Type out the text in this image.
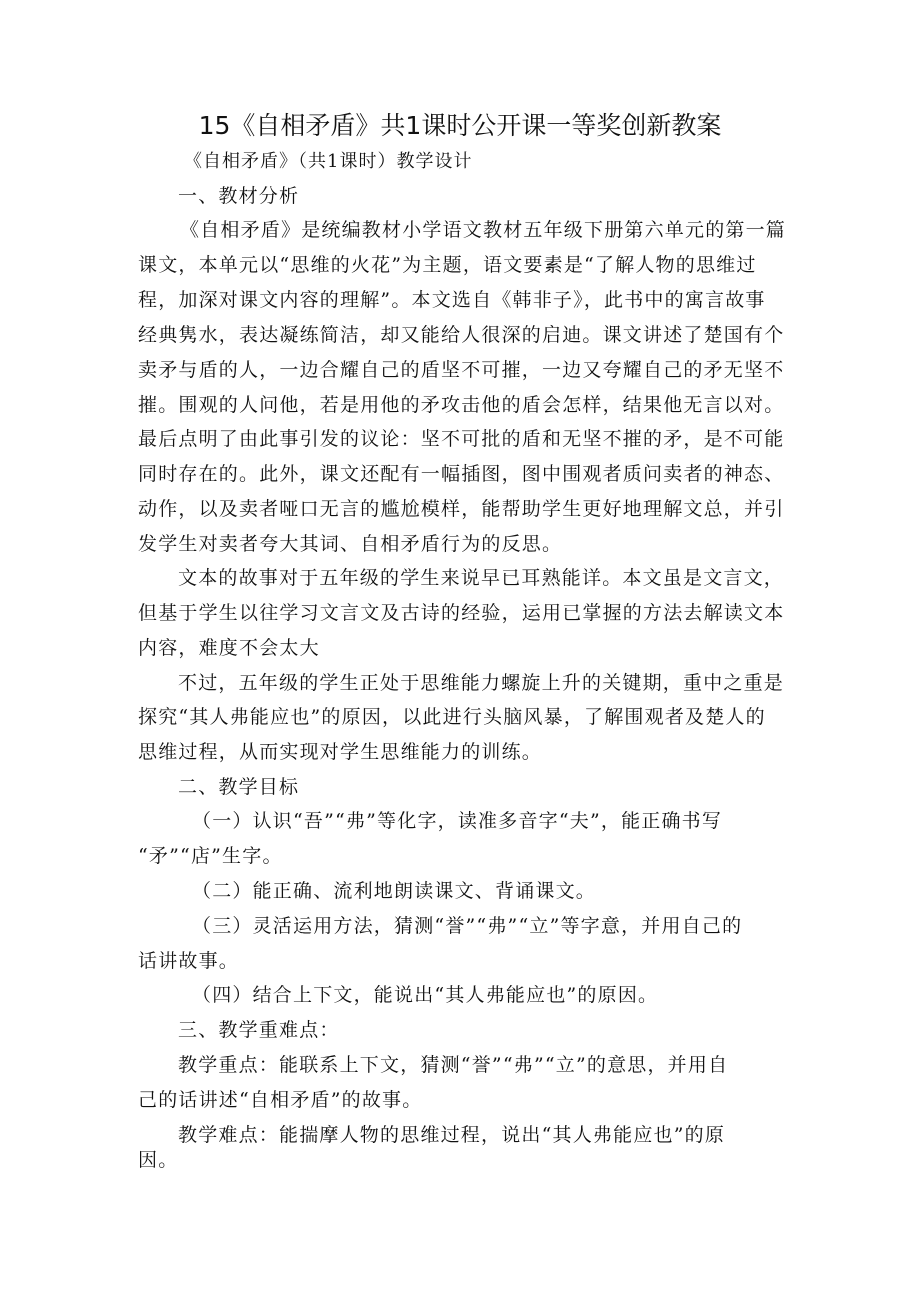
15《自相矛盾》共1课时公开课一等奖创新教案
《自相矛盾》（共1课时）教学设计
一、教材分析
《自相矛盾》是统编教材小学语文教材五年级下册第六单元的第一篇
课文，本单元以“思维的火花”为主题，语文要素是“了解人物的思维过
程，加深对课文内容的理解”。本文选自《韩非子》，此书中的寓言故事
经典隽水，表达凝练简洁，却又能给人很深的启迪。课文讲述了楚国有个
卖矛与盾的人，一边合耀自己的盾坚不可摧，一边又夸耀自己的矛无坚不
摧。围观的人问他，若是用他的矛攻击他的盾会怎样，结果他无言以对。
最后点明了由此事引发的议论：坚不可批的盾和无坚不摧的矛，是不可能
同时存在的。此外，课文还配有一幅插图，图中围观者质问卖者的神态、
动作，以及卖者哑口无言的尴尬模样，能帮助学生更好地理解文总，并引
发学生对卖者夸大其词、自相矛盾行为的反思。
文本的故事对于五年级的学生来说早已耳熟能详。本文虽是文言文，
但基于学生以往学习文言文及古诗的经验，运用已掌握的方法去解读文本
内容，难度不会太大
不过，五年级的学生正处于思维能力螺旋上升的关键期，重中之重是
探究“其人弗能应也”的原因，以此进行头脑风暴，了解围观者及楚人的
思维过程，从而实现对学生思维能力的训练。
二、教学目标
（一）认识“吾”“弗”等化字，读准多音字“夫”，能正确书写
“矛”“店”生字。
（二）能正确、流利地朗读课文、背诵课文。
（三）灵活运用方法，猜测“誉”“弗”“立”等字意，并用自己的
话讲故事。
（四）结合上下文，能说出“其人弗能应也”的原因。
三、教学重难点：
教学重点：能联系上下文，猜测“誉”“弗”“立”的意思，并用自
己的话讲述“自相矛盾”的故事。
教学难点：能揣摩人物的思维过程，说出“其人弗能应也”的原
因。
